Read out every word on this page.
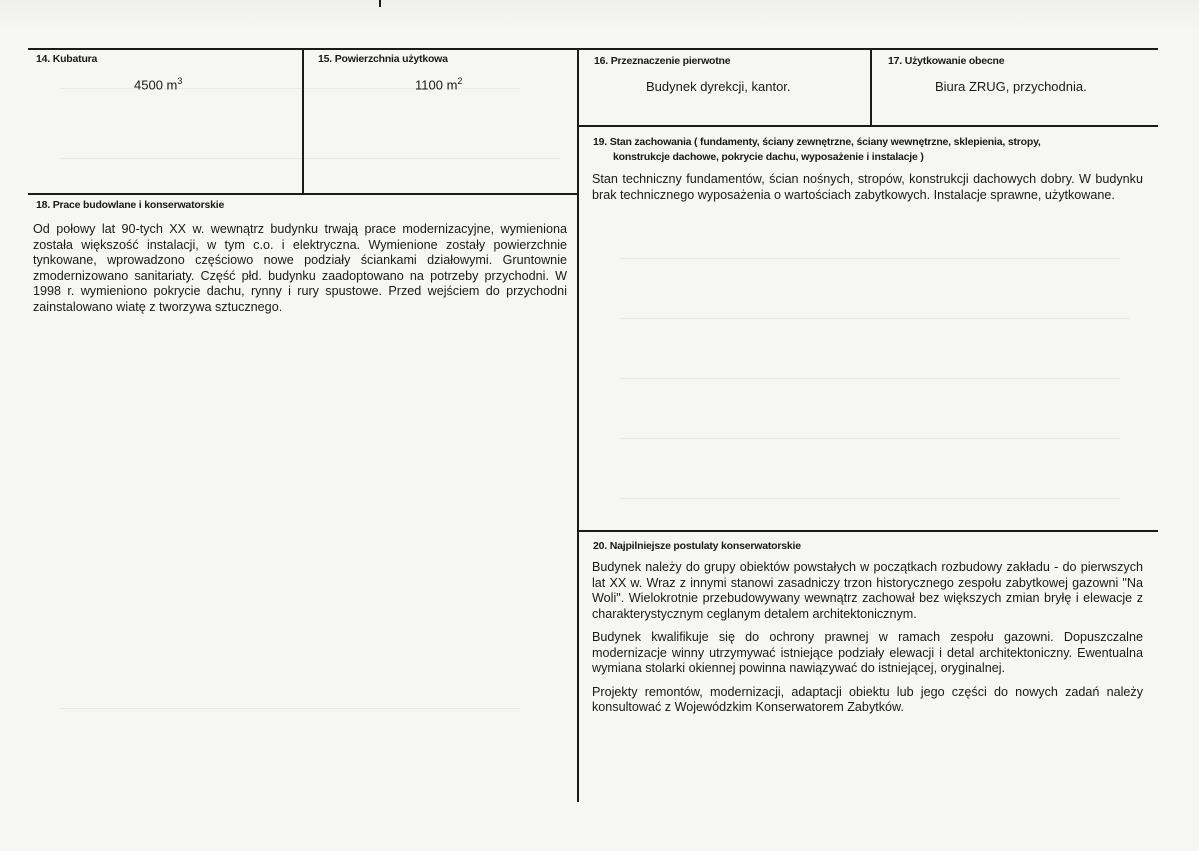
14. Kubatura
4500 $m^3$
15. Powierzchnia użytkowa
1100 $m^2$
16. Przeznaczenie pierwotne
Budynek dyrekcji, kantor.
17. Użytkowanie obecne
Biura ZRUG, przychodnia.
18. Prace budowlane i konserwatorskie
Od połowy lat 90-tych XX w. wewnątrz budynku trwają prace modernizacyjne, wymieniona została większość instalacji, w tym c.o. i elektryczna. Wymienione zostały powierzchnie tynkowane, wprowadzono częściowo nowe podziały ściankami działowymi. Gruntownie zmodernizowano sanitariaty. Część płd. budynku zaadoptowano na potrzeby przychodni. W 1998 r. wymieniono pokrycie dachu, rynny i rury spustowe. Przed wejściem do przychodni zainstalowano wiatę z tworzywa sztucznego.
19. Stan zachowania ( fundamenty, ściany zewnętrzne, ściany wewnętrzne, sklepienia, stropy,
konstrukcje dachowe, pokrycie dachu, wyposażenie i instalacje )
Stan techniczny fundamentów, ścian nośnych, stropów, konstrukcji dachowych dobry. W budynku brak technicznego wyposażenia o wartościach zabytkowych. Instalacje sprawne, użytkowane.
20. Najpilniejsze postulaty konserwatorskie

Budynek należy do grupy obiektów powstałych w początkach rozbudowy zakładu - do pierwszych lat XX w. Wraz z innymi stanowi zasadniczy trzon historycznego zespołu zabytkowej gazowni "Na Woli". Wielokrotnie przebudowywany wewnątrz zachował bez większych zmian bryłę i elewacje z charakterystycznym ceglanym detalem architektonicznym.

Budynek kwalifikuje się do ochrony prawnej w ramach zespołu gazowni. Dopuszczalne modernizacje winny utrzymywać istniejące podziały elewacji i detal architektoniczny. Ewentualna wymiana stolarki okiennej powinna nawiązywać do istniejącej, oryginalnej.

Projekty remontów, modernizacji, adaptacji obiektu lub jego części do nowych zadań należy konsultować z Wojewódzkim Konserwatorem Zabytków.
